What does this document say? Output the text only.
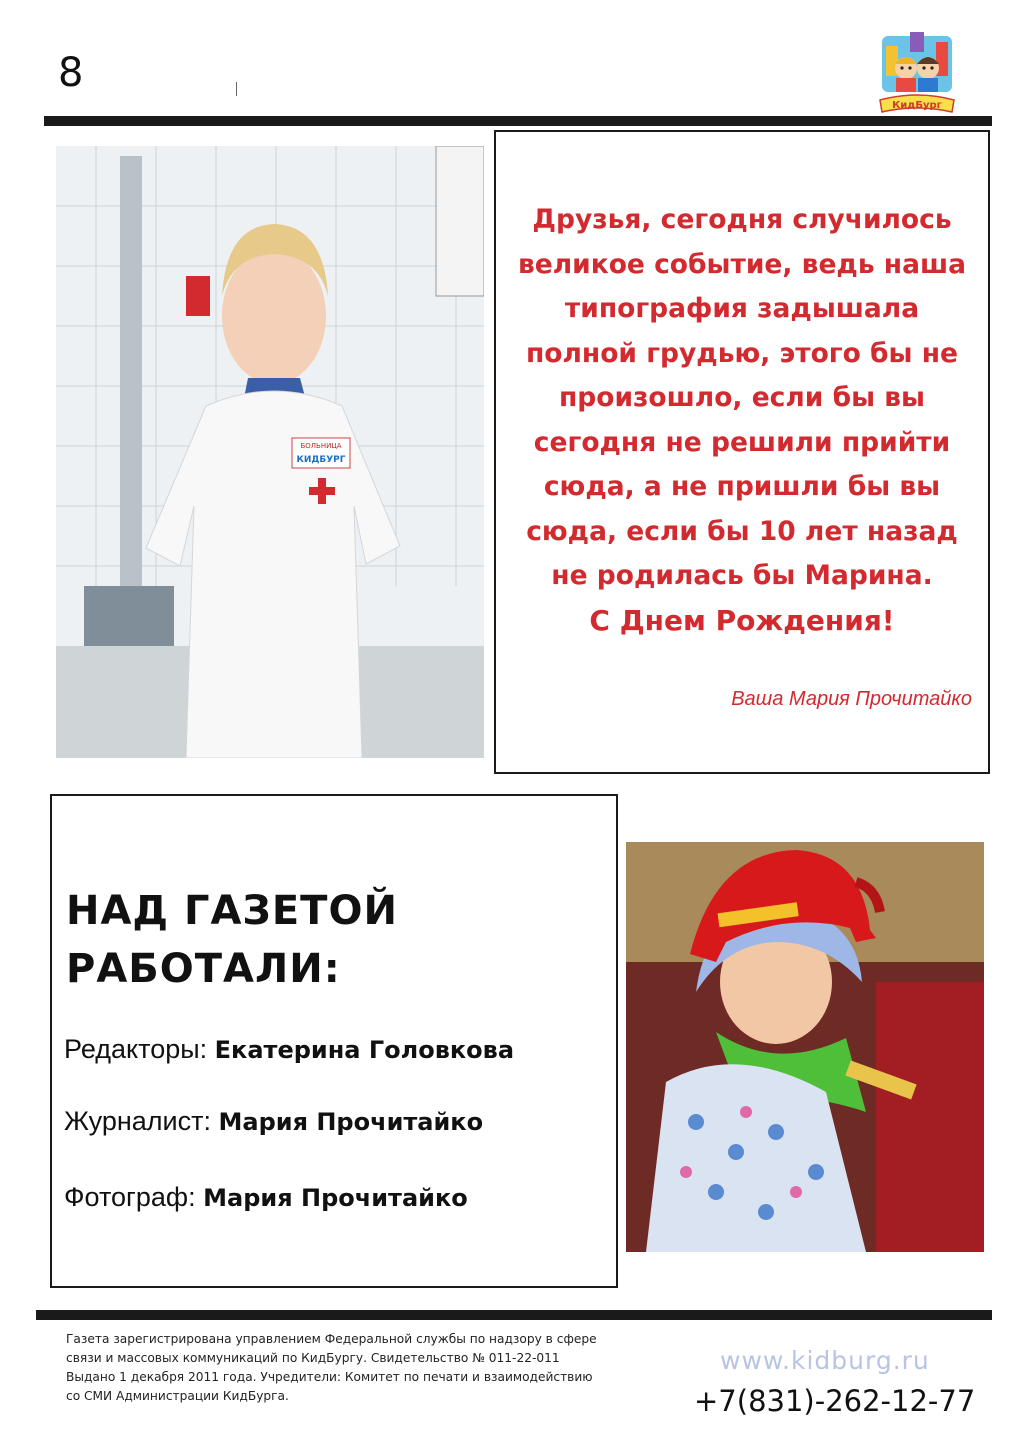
8
КидБург
БОЛЬНИЦА
КИДБУРГ
Друзья, сегодня случилось
великое событие, ведь наша
типография задышала
полной грудью, этого бы не
произошло, если бы вы
сегодня не решили прийти
сюда, а не пришли бы вы
сюда, если бы 10 лет назад
не родилась бы Марина.
С Днем Рождения!
Ваша Мария Прочитайко
НАД ГАЗЕТОЙ
РАБОТАЛИ:
Редакторы: Екатерина Головкова
Журналист: Мария Прочитайко
Фотограф: Мария Прочитайко
Газета зарегистрирована управлением Федеральной службы по надзору в сфере
связи и массовых коммуникаций по КидБургу. Свидетельство № 011-22-011
Выдано 1 декабря 2011 года. Учредители: Комитет по печати и взаимодействию
со СМИ Администрации КидБурга.
www.kidburg.ru
+7(831)-262-12-77
